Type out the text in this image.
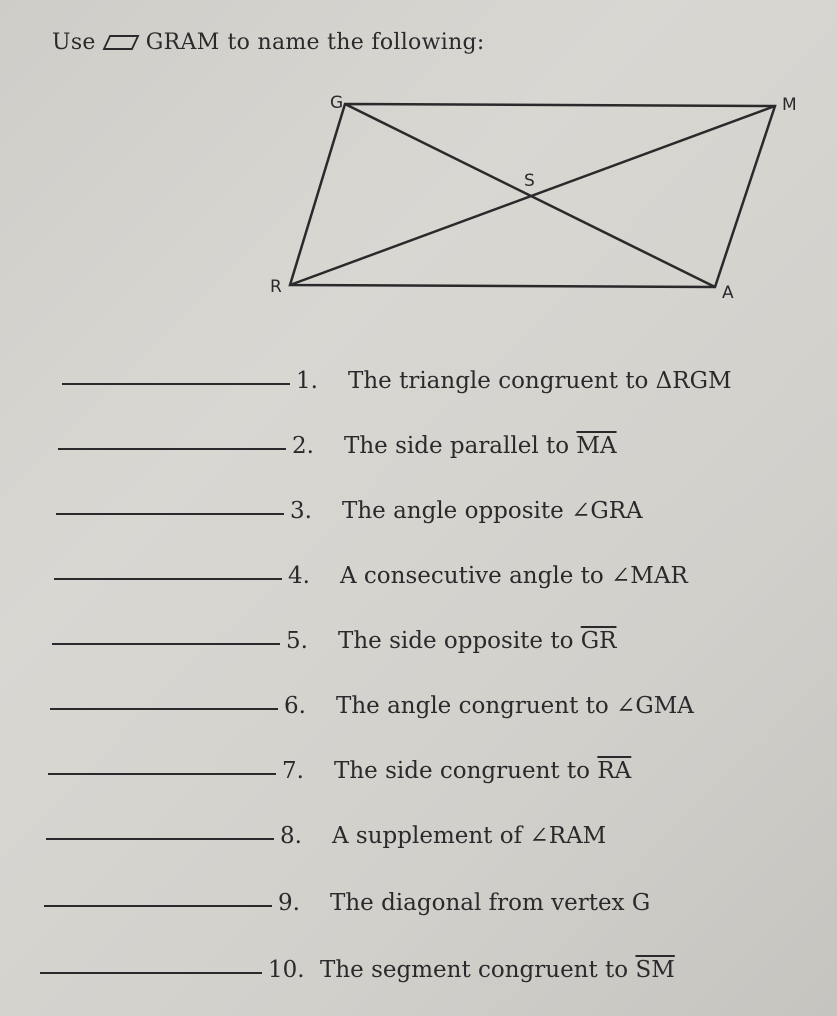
Use GRAM to name the following:
G	M
S
R	A
1.	The triangle congruent to ΔRGM
2.	The side parallel to $\overline{MA}$
3.	The angle opposite ∠GRA
4.	A consecutive angle to ∠MAR
5.	The side opposite to $\overline{GR}$
6.	The angle congruent to ∠GMA
7.	The side congruent to $\overline{RA}$
8.	A supplement of ∠RAM
9.	The diagonal from vertex G
10. The segment congruent to $\overline{SM}$
